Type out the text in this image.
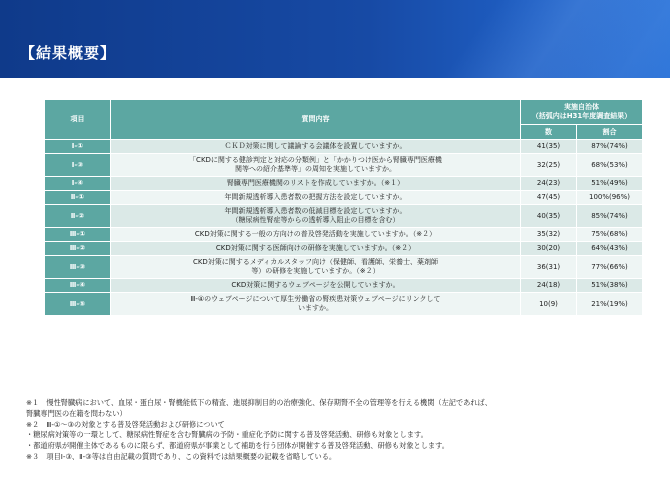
【結果概要】
項目	質問内容	実施自治体
（括弧内はH31年度調査結果）	

		数	割合
Ⅰ-①	ＣＫＤ対策に関して議論する会議体を設置していますか。	41(35)	87%(74%)
Ⅰ-③	「CKDに関する健診判定と対応の分類例」と「かかりつけ医から腎臓専門医療機
関等への紹介基準等」の周知を実施していますか。	32(25)	68%(53%)
Ⅰ-④	腎臓専門医療機関のリストを作成していますか。（※１）	24(23)	51%(49%)
Ⅱ-①	年間新規透析導入患者数の把握方法を設定していますか。	47(45)	100%(96%)
Ⅱ-②	年間新規透析導入患者数の低減目標を設定していますか。
（糖尿病性腎症等からの透析導入阻止の目標を含む）	40(35)	85%(74%)
Ⅲ-①	CKD対策に関する一般の方向けの普及啓発活動を実施していますか。（※２）	35(32)	75%(68%)
Ⅲ-②	CKD対策に関する医師向けの研修を実施していますか。（※２）	30(20)	64%(43%)
Ⅲ-③	CKD対策に関するメディカルスタッフ向け（保健師、看護師、栄養士、薬剤師
等）の研修を実施していますか。（※２）	36(31)	77%(66%)
Ⅲ-④	CKD対策に関するウェブページを公開していますか。	24(18)	51%(38%)
Ⅲ-⑤	Ⅲ-④のウェブページについて厚生労働省の腎疾患対策ウェブページにリンクして
いますか。	10(9)	21%(19%)
※１　慢性腎臓病において、血尿・蛋白尿・腎機能低下の精査、進展抑制目的の治療強化、保存期腎不全の管理等を行える機関（左記であれば、
腎臓専門医の在籍を問わない）
※２　Ⅲ-①～③の対象とする普及啓発活動および研修について
・糖尿病対策等の一環として、糖尿病性腎症を含む腎臓病の予防・重症化予防に関する普及啓発活動、研修も対象とします。
・都道府県が開催主体であるものに限らず、都道府県が事業として補助を行う団体が開催する普及啓発活動、研修も対象とします。
※３　項目Ⅰ-③、Ⅱ-③等は自由記載の質問であり、この資料では結果概要の記載を省略している。
